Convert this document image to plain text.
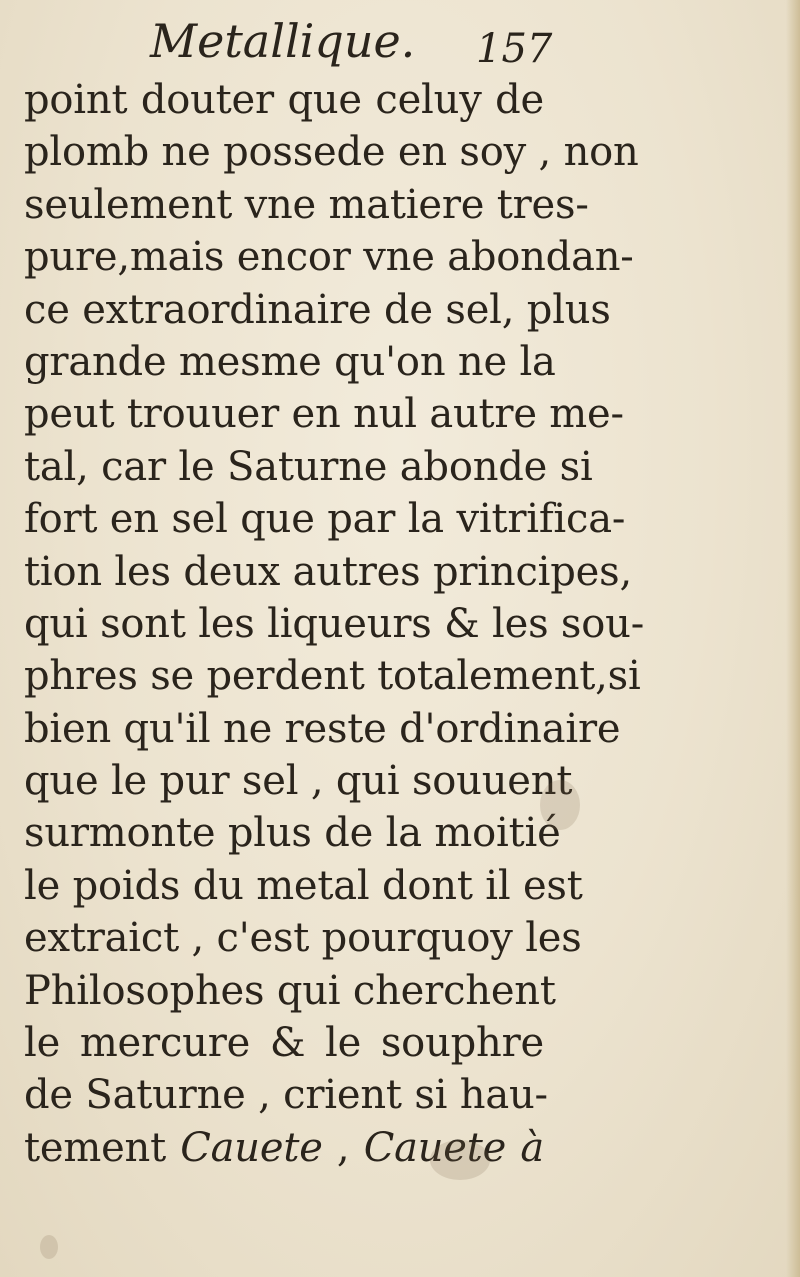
Metallique. 157
point douter que celuy de
plomb ne possede en soy , non
seulement vne matiere tres-
pure,mais encor vne abondan-
ce extraordinaire de sel, plus
grande mesme qu'on ne la
peut trouuer en nul autre me-
tal, car le Saturne abonde si
fort en sel que par la vitrifica-
tion les deux autres principes,
qui sont les liqueurs & les sou-
phres se perdent totalement,si
bien qu'il ne reste d'ordinaire
que le pur sel , qui souuent
surmonte plus de la moitié
le poids du metal dont il est
extraict , c'est pourquoy les
Philosophes qui cherchent
le mercure & le souphre
de Saturne , crient si hau-
tement Cauete , Cauete à
